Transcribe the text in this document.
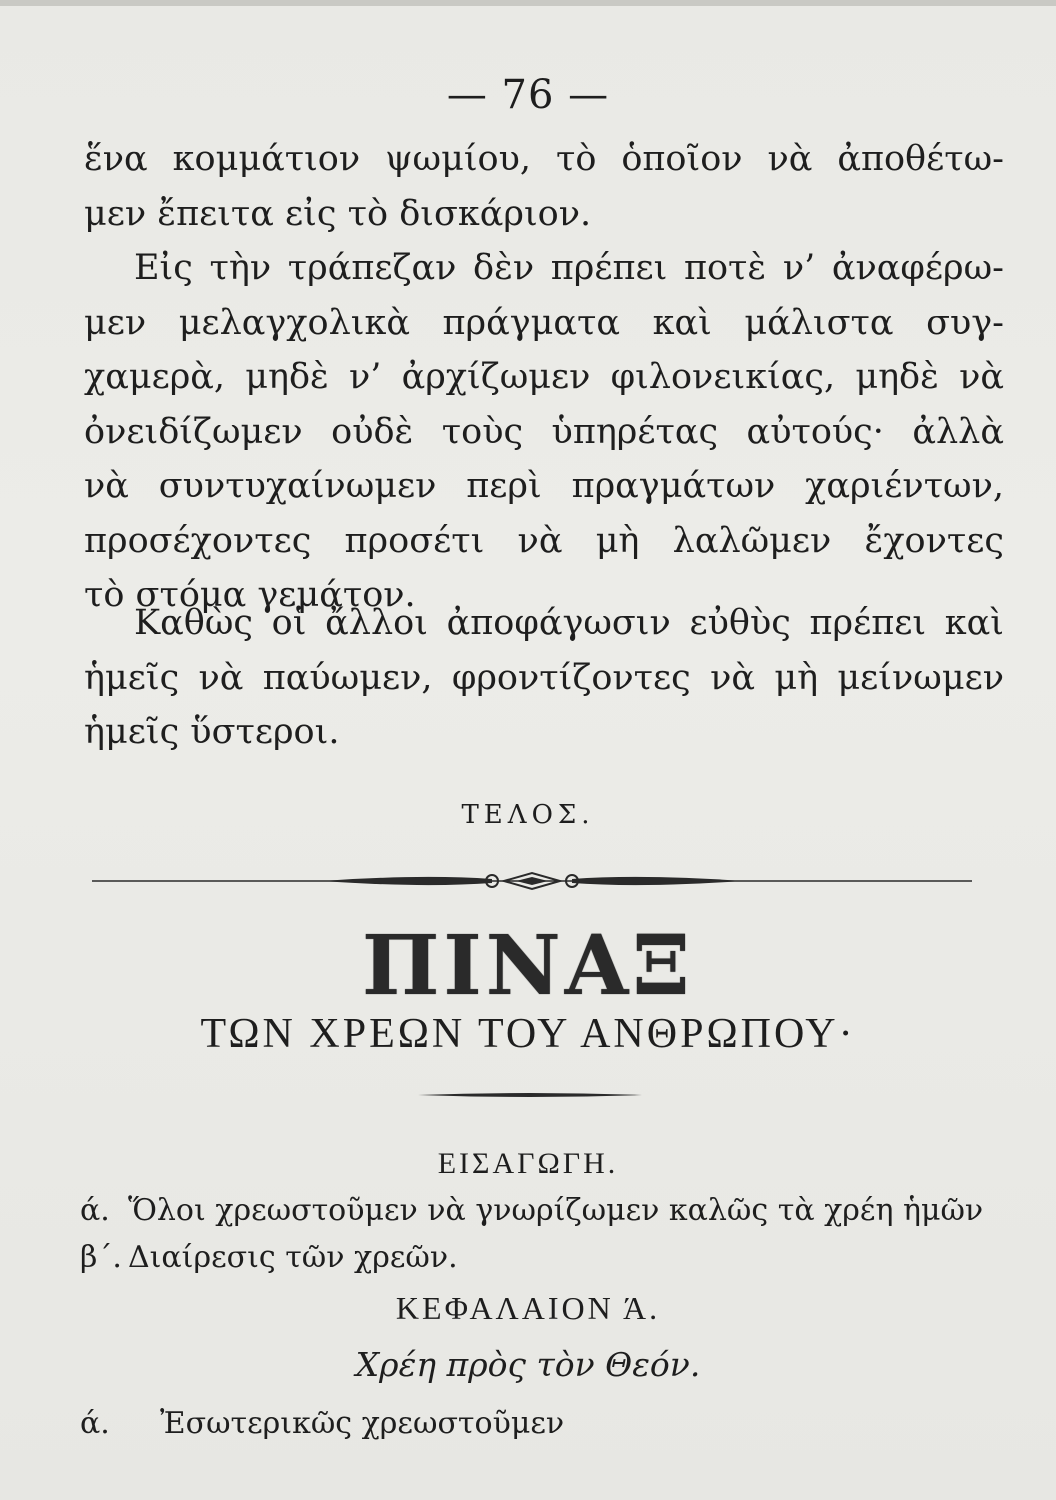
— 76 —
ἕνα κομμάτιον ψωμίου, τὸ ὁποῖον νὰ ἀποθέτω-
μεν ἔπειτα εἰς τὸ δισκάριον.
Εἰς τὴν τράπεζαν δὲν πρέπει ποτὲ ν’ ἀναφέρω-
μεν μελαγχολικὰ πράγματα καὶ μάλιστα συγ-
χαμερὰ, μηδὲ ν’ ἀρχίζωμεν φιλονεικίας, μηδὲ νὰ
ὀνειδίζωμεν οὐδὲ τοὺς ὑπηρέτας αὐτούς· ἀλλὰ
νὰ συντυχαίνωμεν περὶ πραγμάτων χαριέντων,
προσέχοντες προσέτι νὰ μὴ λαλῶμεν ἔχοντες
τὸ στόμα γεμάτον.
Καθὼς οἱ ἄλλοι ἀποφάγωσιν εὐθὺς πρέπει καὶ
ἡμεῖς νὰ παύωμεν, φροντίζοντες νὰ μὴ μείνωμεν
ἡμεῖς ὕστεροι.
ΤΕΛΟΣ.
ΠΙΝΑΞ
ΤΩΝ ΧΡΕΩΝ ΤΟΥ ΑΝΘΡΩΠΟΥ·
ΕΙΣΑΓΩΓΗ.
ά. Ὅλοι χρεωστοῦμεν νὰ γνωρίζωμεν καλῶς τὰ χρέη ἡμῶν
β΄. Διαίρεσις τῶν χρεῶν.
ΚΕΦΑΛΑΙΟΝ Ά.
Χρέη πρὸς τὸν Θεόν.
ά. Ἐσωτερικῶς χρεωστοῦμεν
